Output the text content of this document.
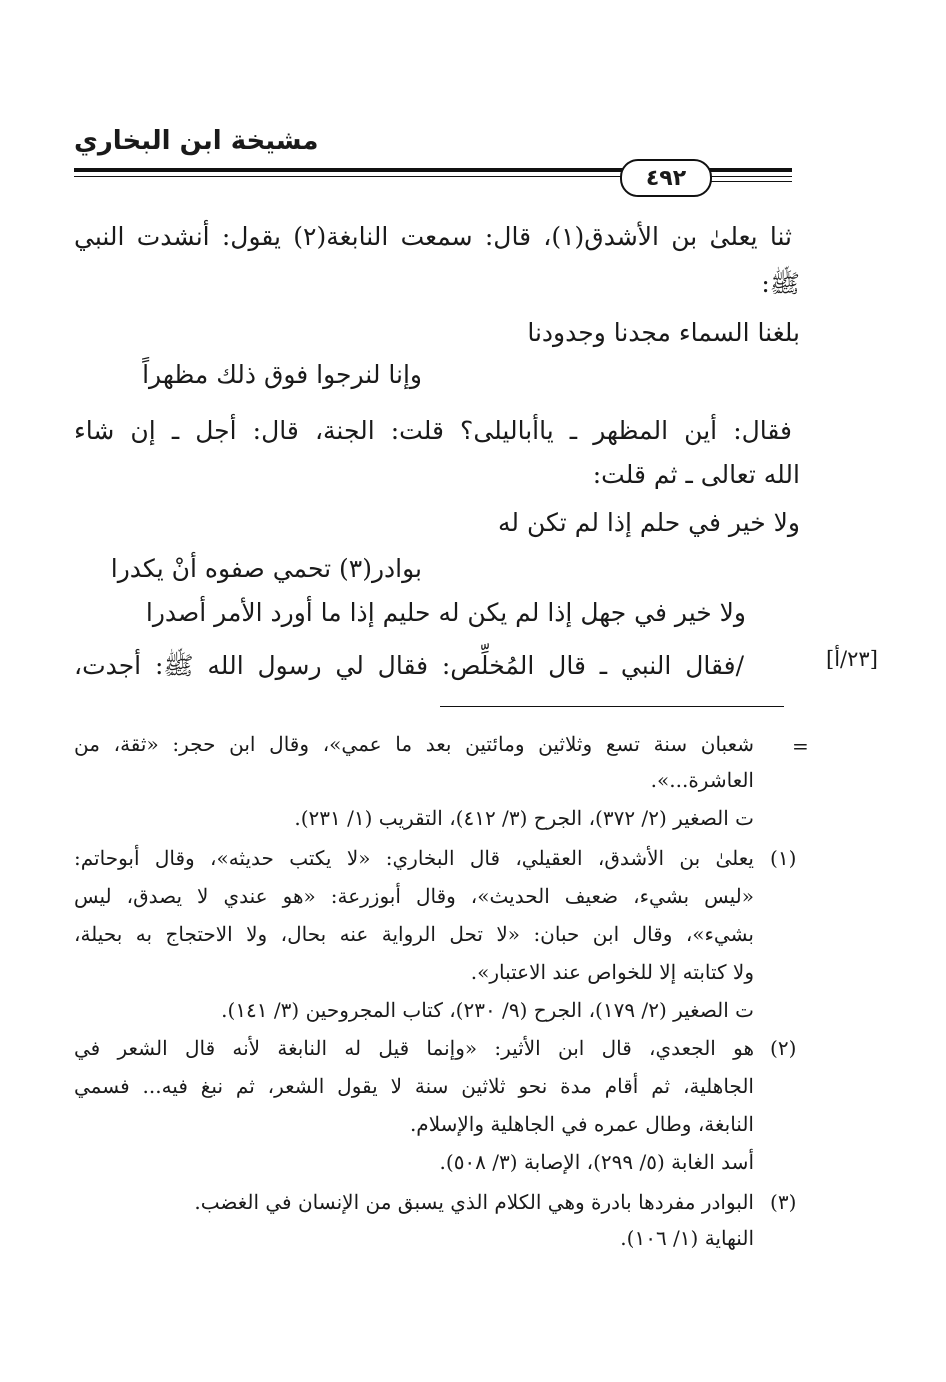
مشيخة ابن البخاري
٤٩٢
ثنا يعلىٰ بن الأشدق(١)، قال: سمعت النابغة(٢) يقول: أنشدت النبي
ﷺ:
بلغنا السماء مجدنا وجدودنا
وإنا لنرجوا فوق ذلك مظهراً
فقال: أين المظهر ـ ياأباليلى؟ قلت: الجنة، قال: أجل ـ إن شاء
الله تعالى ـ ثم قلت:
ولا خير في حلم إذا لم تكن له
بوادر(٣) تحمي صفوه أنْ يكدرا
ولا خير في جهل إذا لم يكن له حليم إذا ما أورد الأمر أصدرا
/فقال النبي ـ قال المُخلِّص: فقال لي رسول الله ﷺ: أجدت،	[٢٣/أ]
=
شعبان سنة تسع وثلاثين ومائتين بعد ما عمي»، وقال ابن حجر: «ثقة، من
العاشرة...».
ت الصغير (٢/ ٣٧٢)، الجرح (٣/ ٤١٢)، التقريب (١/ ٢٣١).
(١)
يعلىٰ بن الأشدق، العقيلي، قال البخاري: «لا يكتب حديثه»، وقال أبوحاتم:
«ليس بشيء، ضعيف الحديث»، وقال أبوزرعة: «هو عندي لا يصدق، ليس
بشيء»، وقال ابن حبان: «لا تحل الرواية عنه بحال، ولا الاحتجاج به بحيلة،
ولا كتابته إلا للخواص عند الاعتبار».
ت الصغير (٢/ ١٧٩)، الجرح (٩/ ٢٣٠)، كتاب المجروحين (٣/ ١٤١).
(٢)
هو الجعدي، قال ابن الأثير: «وإنما قيل له النابغة لأنه قال الشعر في
الجاهلية، ثم أقام مدة نحو ثلاثين سنة لا يقول الشعر، ثم نبغ فيه... فسمي
النابغة، وطال عمره في الجاهلية والإسلام.
أسد الغابة (٥/ ٢٩٩)، الإصابة (٣/ ٥٠٨).
(٣)
البوادر مفردها بادرة وهي الكلام الذي يسبق من الإنسان في الغضب.
النهاية (١/ ١٠٦).
